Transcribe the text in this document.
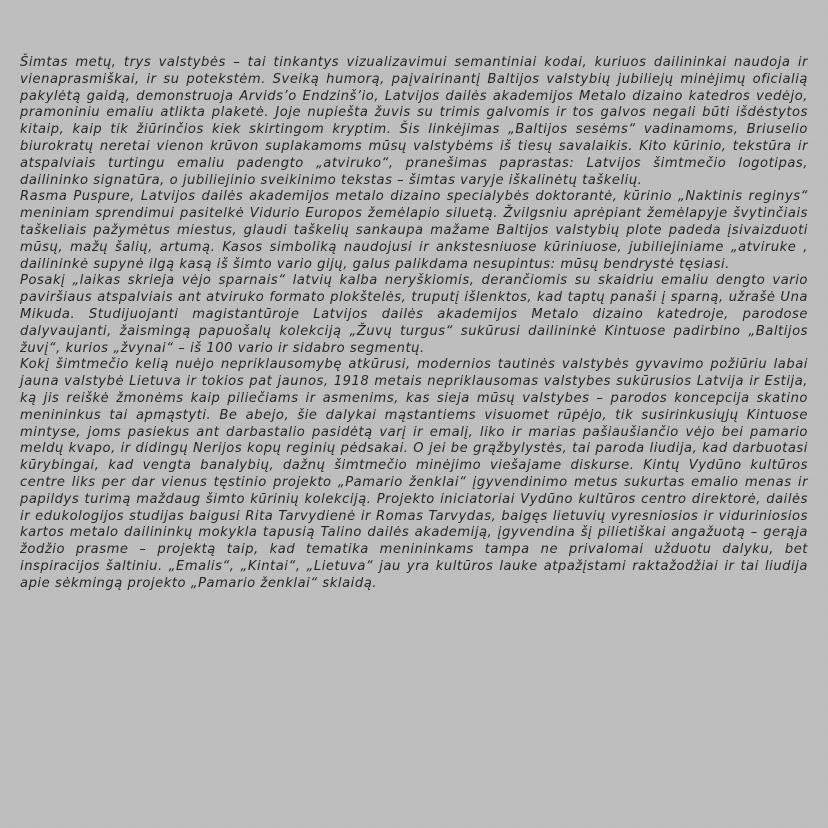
Šimtas metų, trys valstybės – tai tinkantys vizualizavimui semantiniai kodai, kuriuos dailininkai naudoja ir vienaprasmiškai, ir su potekstėm. Sveiką humorą, paįvairinantį Baltijos valstybių jubiliejų minėjimų oficialią pakylėtą gaidą, demonstruoja Arvids’o Endzinš’io, Latvijos dailės akademijos Metalo dizaino katedros vedėjo, pramoniniu emaliu atlikta plaketė. Joje nupiešta žuvis su trimis galvomis ir tos galvos negali būti išdėstytos kitaip, kaip tik žiūrinčios kiek skirtingom kryptim. Šis linkėjimas „Baltijos sesėms“ vadinamoms, Briuselio biurokratų neretai vienon krūvon suplakamoms mūsų valstybėms iš tiesų savalaikis. Kito kūrinio, tekstūra ir atspalviais turtingu emaliu padengto „atviruko“, pranešimas paprastas: Latvijos šimtmečio logotipas, dailininko signatūra, o jubiliejinio sveikinimo tekstas – šimtas varyje iškalinėtų taškelių.

Rasma Puspure, Latvijos dailės akademijos metalo dizaino specialybės doktorantė, kūrinio „Naktinis reginys“ meniniam sprendimui pasitelkė Vidurio Europos žemėlapio siluetą. Žvilgsniu aprėpiant žemėlapyje švytinčiais taškeliais pažymėtus miestus, glaudi taškelių sankaupa mažame Baltijos valstybių plote padeda įsivaizduoti mūsų, mažų šalių, artumą. Kasos simboliką naudojusi ir ankstesniuose kūriniuose, jubiliejiniame „atviruke , dailininkė supynė ilgą kasą iš šimto vario gijų, galus palikdama nesupintus: mūsų bendrystė tęsiasi.

Posakį „laikas skrieja vėjo sparnais“ latvių kalba neryškiomis, derančiomis su skaidriu emaliu dengto vario paviršiaus atspalviais ant atviruko formato plokštelės, truputį išlenktos, kad taptų panaši į sparną, užrašė Una Mikuda. Studijuojanti magistantūroje Latvijos dailės akademijos Metalo dizaino katedroje, parodose dalyvaujanti, žaismingą papuošalų kolekciją „Žuvų turgus“ sukūrusi dailininkė Kintuose padirbino „Baltijos žuvį“, kurios „žvynai“ – iš 100 vario ir sidabro segmentų.

Kokį šimtmečio kelią nuėjo nepriklausomybę atkūrusi, modernios tautinės valstybės gyvavimo požiūriu labai jauna valstybė Lietuva ir tokios pat jaunos, 1918 metais nepriklausomas valstybes sukūrusios Latvija ir Estija, ką jis reiškė žmonėms kaip piliečiams ir asmenims, kas sieja mūsų valstybes – parodos koncepcija skatino menininkus tai apmąstyti. Be abejo, šie dalykai mąstantiems visuomet rūpėjo, tik susirinkusiųjų Kintuose mintyse, joms pasiekus ant darbastalio pasidėtą varį ir emalį, liko ir marias pašiaušiančio vėjo bei pamario meldų kvapo, ir didingų Nerijos kopų reginių pėdsakai. O jei be grąžbylystės, tai paroda liudija, kad darbuotasi kūrybingai, kad vengta banalybių, dažnų šimtmečio minėjimo viešajame diskurse. Kintų Vydūno kultūros centre liks per dar vienus tęstinio projekto „Pamario ženklai“ įgyvendinimo metus sukurtas emalio menas ir papildys turimą maždaug šimto kūrinių kolekciją. Projekto iniciatoriai Vydūno kultūros centro direktorė, dailės ir edukologijos studijas baigusi Rita Tarvydienė ir Romas Tarvydas, baigęs lietuvių vyresniosios ir viduriniosios kartos metalo dailininkų mokykla tapusią Talino dailės akademiją, įgyvendina šį pilietiškai angažuotą – gerąja žodžio prasme – projektą taip, kad tematika menininkams tampa ne privalomai užduotu dalyku, bet inspiracijos šaltiniu. „Emalis“, „Kintai“, „Lietuva“ jau yra kultūros lauke atpažįstami raktažodžiai ir tai liudija apie sėkmingą projekto „Pamario ženklai“ sklaidą.
